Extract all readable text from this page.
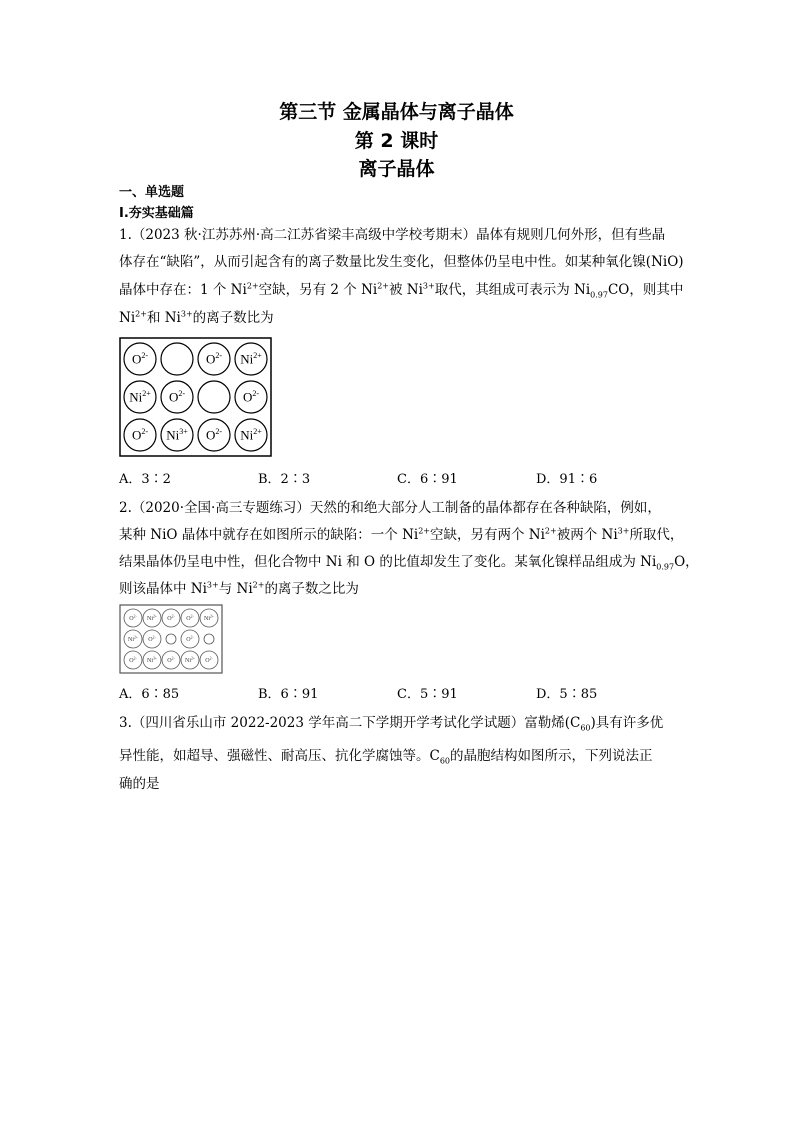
第三节 金属晶体与离子晶体
第 2 课时
离子晶体
一、单选题
Ⅰ.夯实基础篇
1.（2023 秋·江苏苏州·高二江苏省梁丰高级中学校考期末）晶体有规则几何外形，但有些晶
体存在“缺陷”，从而引起含有的离子数量比发生变化，但整体仍呈电中性。如某种氧化镍(NiO)
晶体中存在：1 个 $Ni^{2+}$空缺，另有 2 个 $Ni^{2+}$被 $Ni^{3+}$取代，其组成可表示为 $Ni_{0.97}CO$，则其中
$Ni^{2+}$和 $Ni^{3+}$的离子数比为
$O^{2-}$	$O^{2-}$ $Ni^{2+}$
$Ni^{2+}$ $O^{2-}$	$O^{2-}$
$O^{2-}$ $Ni^{3+}$ $O^{2-}$ $Ni^{2+}$
A．3∶2	B．2∶3	C．6∶91	D．91∶6
2.（2020·全国·高三专题练习）天然的和绝大部分人工制备的晶体都存在各种缺陷，例如，
某种 NiO 晶体中就存在如图所示的缺陷：一个 $Ni^{2+}$空缺，另有两个 $Ni^{2+}$被两个 $Ni^{3+}$所取代，
结果晶体仍呈电中性，但化合物中 Ni 和 O 的比值却发生了变化。某氧化镍样品组成为 $Ni_{0.97}O$，
则该晶体中 $Ni^{3+}$与 $Ni^{2+}$的离子数之比为
$O^{2-}$ $Ni^{2+}$ $O^{2-}$ $O^{2-}$ $Ni^{2+}$
$Ni^{2+}$ $O^{2-}$	$O^{2-}$
$O^{2-}$ $Ni^{3+}$ $O^{2-}$ $Ni^{2+}$ $O^{2-}$
A．6∶85	B．6∶91	C．5∶91	D．5∶85
3.（四川省乐山市 2022-2023 学年高二下学期开学考试化学试题）富勒烯$(C_{60})$具有许多优
异性能，如超导、强磁性、耐高压、抗化学腐蚀等。$C_{60}$的晶胞结构如图所示，下列说法正
确的是
